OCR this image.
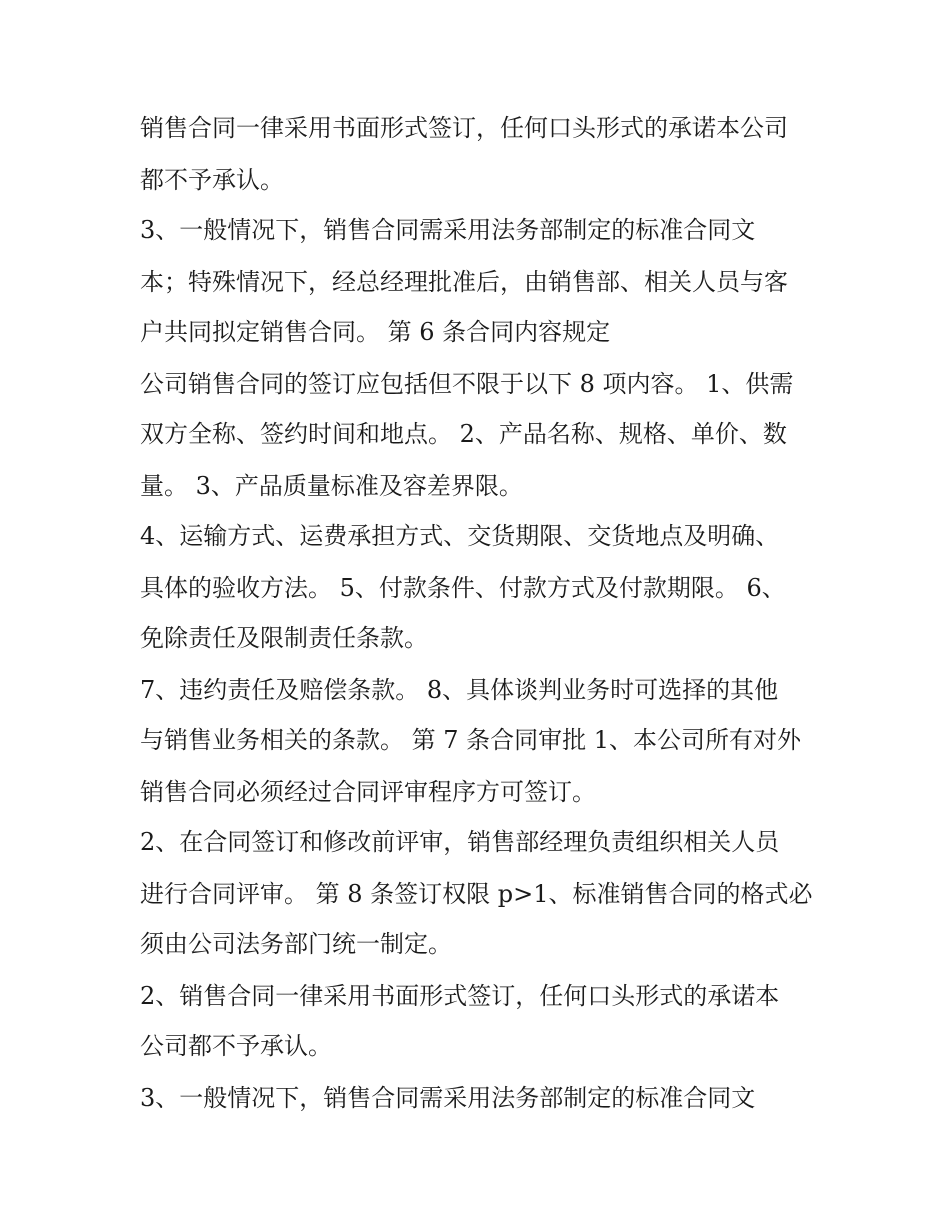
销售合同一律采用书面形式签订，任何口头形式的承诺本公司
都不予承认。
3、一般情况下，销售合同需采用法务部制定的标准合同文
本；特殊情况下，经总经理批准后，由销售部、相关人员与客
户共同拟定销售合同。 第 6 条合同内容规定
公司销售合同的签订应包括但不限于以下 8 项内容。 1、供需
双方全称、签约时间和地点。 2、产品名称、规格、单价、数
量。 3、产品质量标准及容差界限。
4、运输方式、运费承担方式、交货期限、交货地点及明确、
具体的验收方法。 5、付款条件、付款方式及付款期限。 6、
免除责任及限制责任条款。
7、违约责任及赔偿条款。 8、具体谈判业务时可选择的其他
与销售业务相关的条款。 第 7 条合同审批 1、本公司所有对外
销售合同必须经过合同评审程序方可签订。
2、在合同签订和修改前评审，销售部经理负责组织相关人员
进行合同评审。 第 8 条签订权限 p>1、标准销售合同的格式必
须由公司法务部门统一制定。
2、销售合同一律采用书面形式签订，任何口头形式的承诺本
公司都不予承认。
3、一般情况下，销售合同需采用法务部制定的标准合同文
